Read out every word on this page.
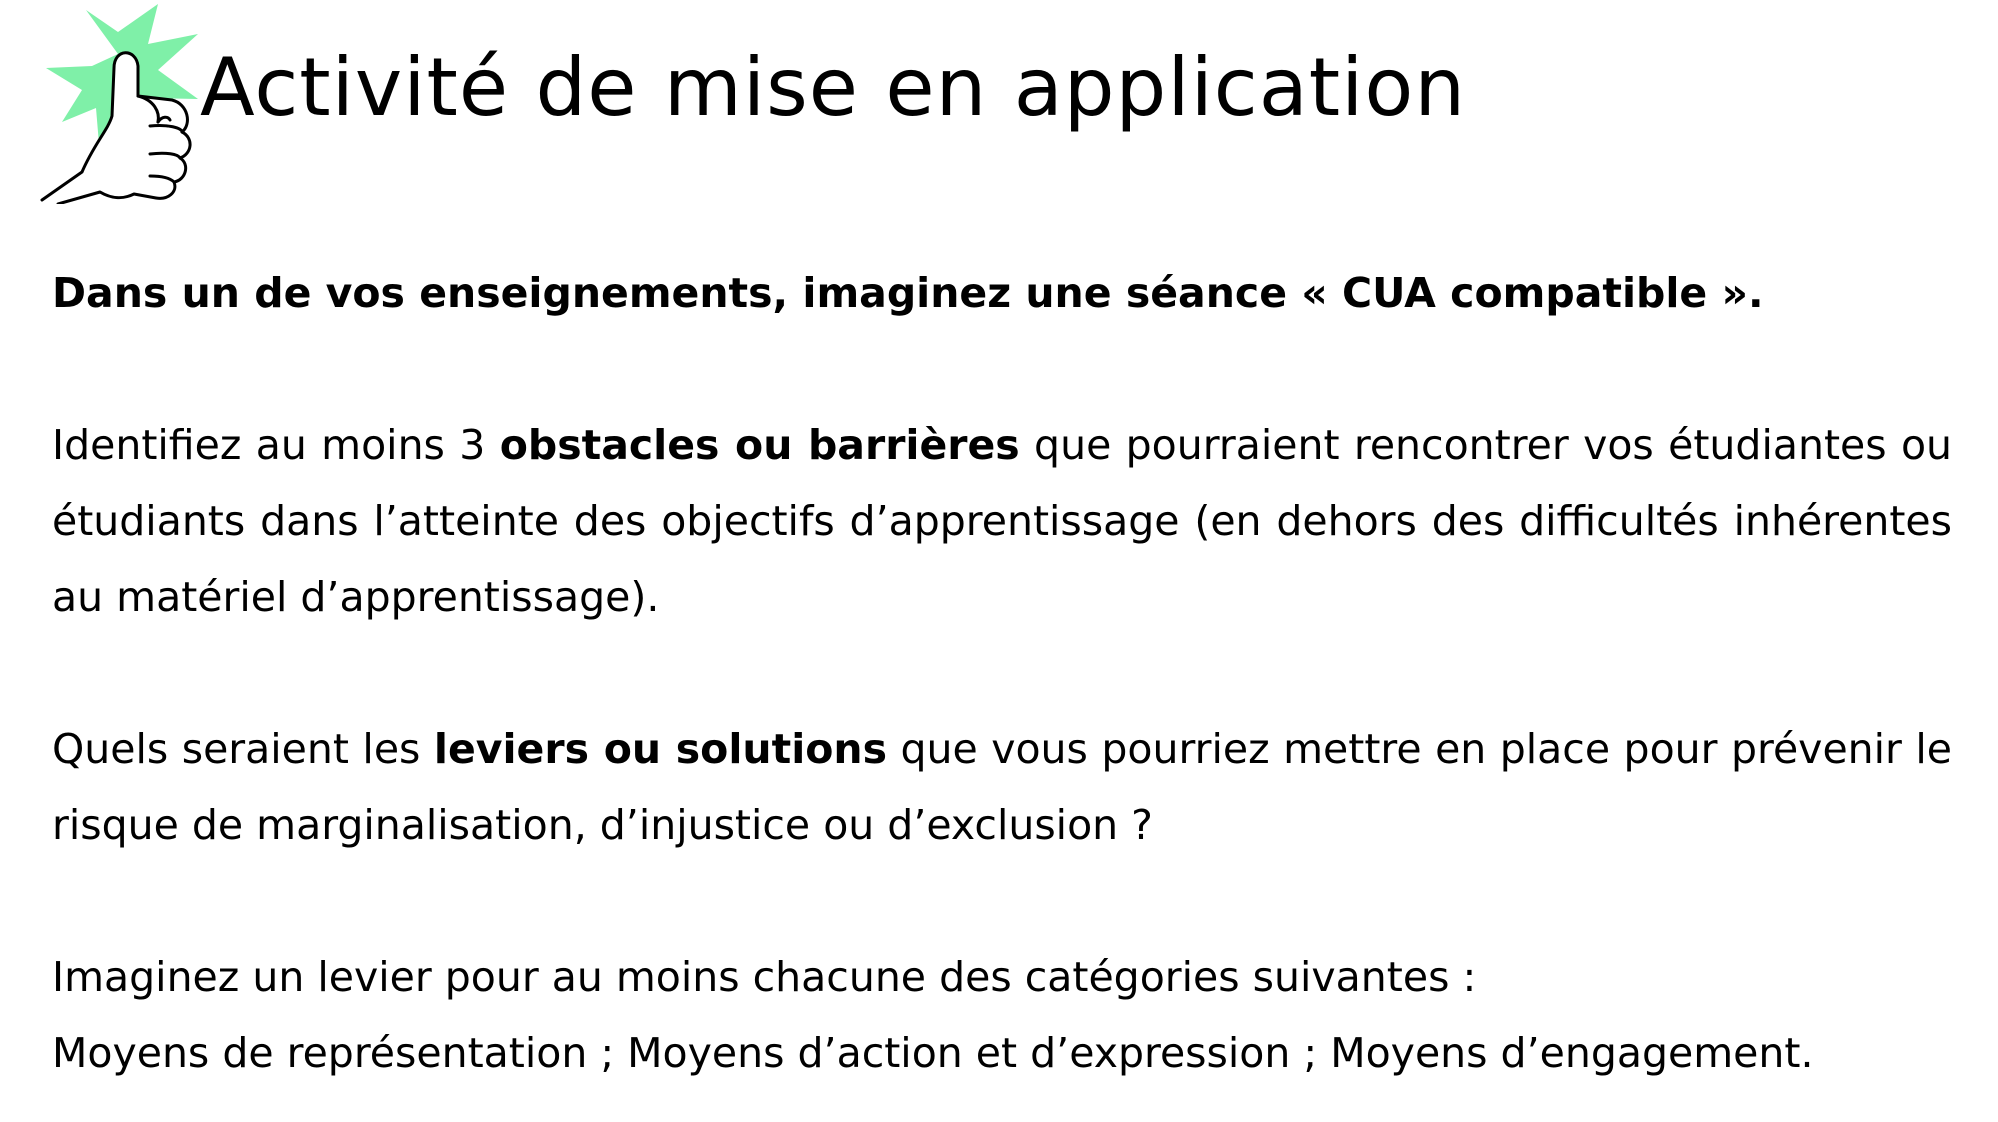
Activité de mise en application

Dans un de vos enseignements, imaginez une séance « CUA compatible ».

Identifiez au moins 3 obstacles ou barrières que pourraient rencontrer vos étudiantes ou étudiants dans l’atteinte des objectifs d’apprentissage (en dehors des difficultés inhérentes au matériel d’apprentissage).

Quels seraient les leviers ou solutions que vous pourriez mettre en place pour prévenir le risque de marginalisation, d’injustice ou d’exclusion ?

Imaginez un levier pour au moins chacune des catégories suivantes :

Moyens de représentation ; Moyens d’action et d’expression ; Moyens d’engagement.
